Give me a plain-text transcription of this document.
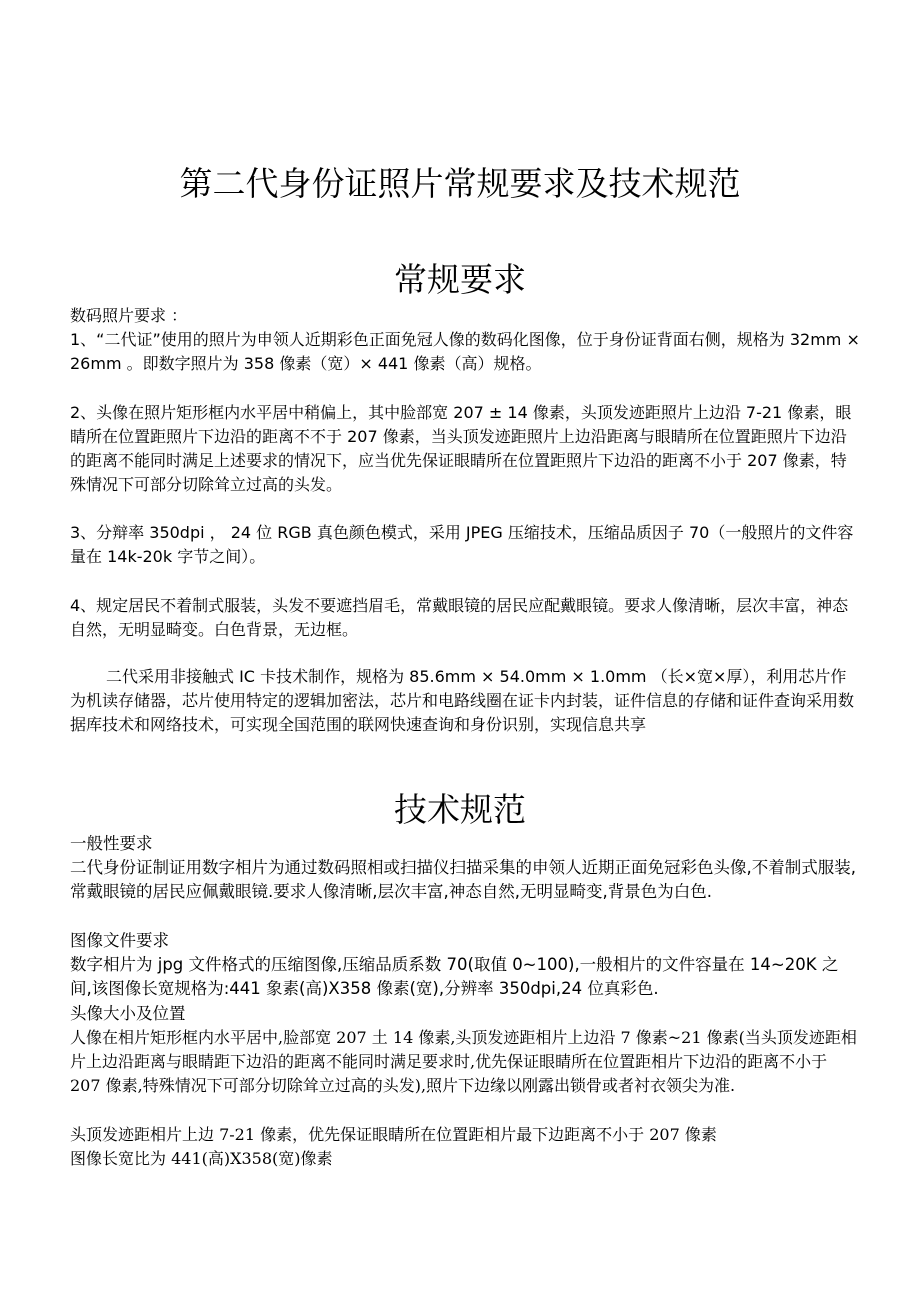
第二代身份证照片常规要求及技术规范
常规要求

数码照片要求 ：

1、“二代证”使用的照片为申领人近期彩色正面免冠人像的数码化图像，位于身份证背面右侧，规格为 32mm × 26mm 。即数字照片为 358 像素（宽）× 441 像素（高）规格。

2、头像在照片矩形框内水平居中稍偏上，其中脸部宽 207 ± 14 像素，头顶发迹距照片上边沿 7-21 像素，眼睛所在位置距照片下边沿的距离不不于 207 像素，当头顶发迹距照片上边沿距离与眼睛所在位置距照片下边沿的距离不能同时满足上述要求的情况下，应当优先保证眼睛所在位置距照片下边沿的距离不小于 207 像素，特殊情况下可部分切除耸立过高的头发。

3、分辩率 350dpi ， 24 位 RGB 真色颜色模式，采用 JPEG 压缩技术，压缩品质因子 70（一般照片的文件容量在 14k-20k 字节之间）。

4、规定居民不着制式服装，头发不要遮挡眉毛，常戴眼镜的居民应配戴眼镜。要求人像清晰，层次丰富，神态自然，无明显畸变。白色背景，无边框。

二代采用非接触式 IC 卡技术制作，规格为 85.6mm × 54.0mm × 1.0mm （长×宽×厚），利用芯片作为机读存储器，芯片使用特定的逻辑加密法，芯片和电路线圈在证卡内封装，证件信息的存储和证件查询采用数据库技术和网络技术，可实现全国范围的联网快速查询和身份识别，实现信息共享

技术规范
一般性要求
二代身份证制证用数字相片为通过数码照相或扫描仪扫描采集的申领人近期正面免冠彩色头像,不着制式服装,常戴眼镜的居民应佩戴眼镜.要求人像清晰,层次丰富,神态自然,无明显畸变,背景色为白色.
图像文件要求
数字相片为 jpg 文件格式的压缩图像,压缩品质系数 70(取值 0~100),一般相片的文件容量在 14~20K 之间,该图像长宽规格为:441 象素(高)X358 像素(宽),分辨率 350dpi,24 位真彩色.
头像大小及位置
人像在相片矩形框内水平居中,脸部宽 207 土 14 像素,头顶发迹距相片上边沿 7 像素~21 像素(当头顶发迹距相片上边沿距离与眼睛距下边沿的距离不能同时满足要求时,优先保证眼睛所在位置距相片下边沿的距离不小于 207 像素,特殊情况下可部分切除耸立过高的头发),照片下边缘以刚露出锁骨或者衬衣领尖为准.
头顶发迹距相片上边 7-21 像素，优先保证眼睛所在位置距相片最下边距离不小于 207 像素
图像长宽比为 441(高)X358(宽)像素
